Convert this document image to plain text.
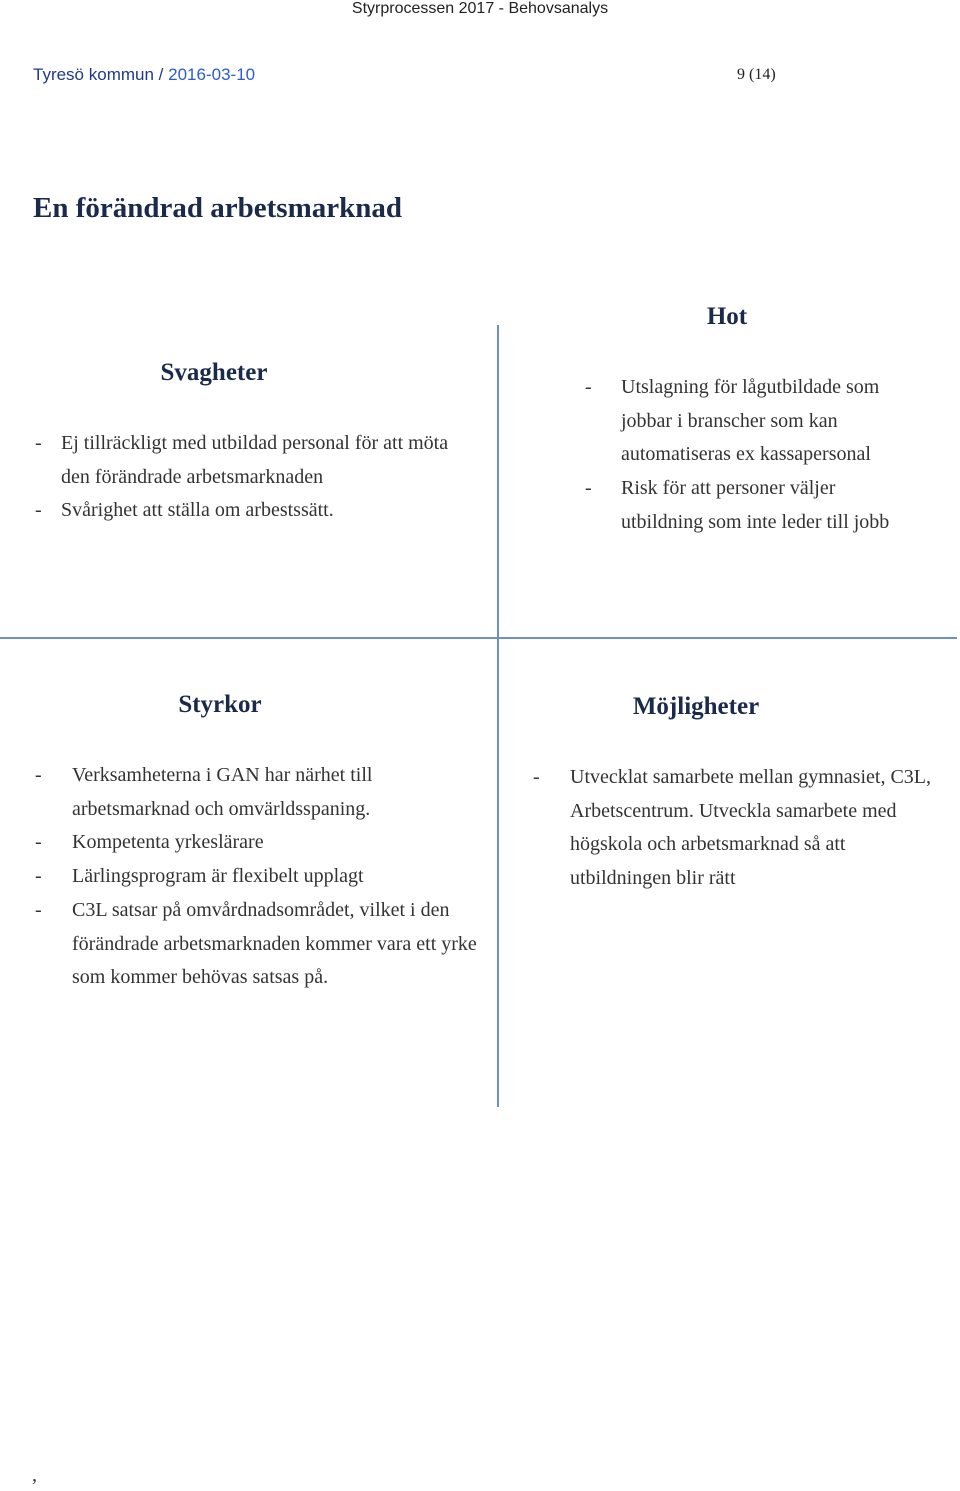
Styrprocessen 2017 - Behovsanalys
Tyresö kommun / 2016-03-10	9 (14)
En förändrad arbetsmarknad
Svagheter
- Ej tillräckligt med utbildad personal för att möta den förändrade arbetsmarknaden
- Svårighet att ställa om arbestssätt.
Hot
- Utslagning för lågutbildade som jobbar i branscher som kan automatiseras ex kassapersonal
- Risk för att personer väljer utbildning som inte leder till jobb
Styrkor
- Verksamheterna i GAN har närhet till arbetsmarknad och omvärldsspaning.
- Kompetenta yrkeslärare
- Lärlingsprogram är flexibelt upplagt
- C3L satsar på omvårdnadsområdet, vilket i den förändrade arbetsmarknaden kommer vara ett yrke som kommer behövas satsas på.
Möjligheter
- Utvecklat samarbete mellan gymnasiet, C3L, Arbetscentrum. Utveckla samarbete med högskola och arbetsmarknad så att utbildningen blir rätt
,
